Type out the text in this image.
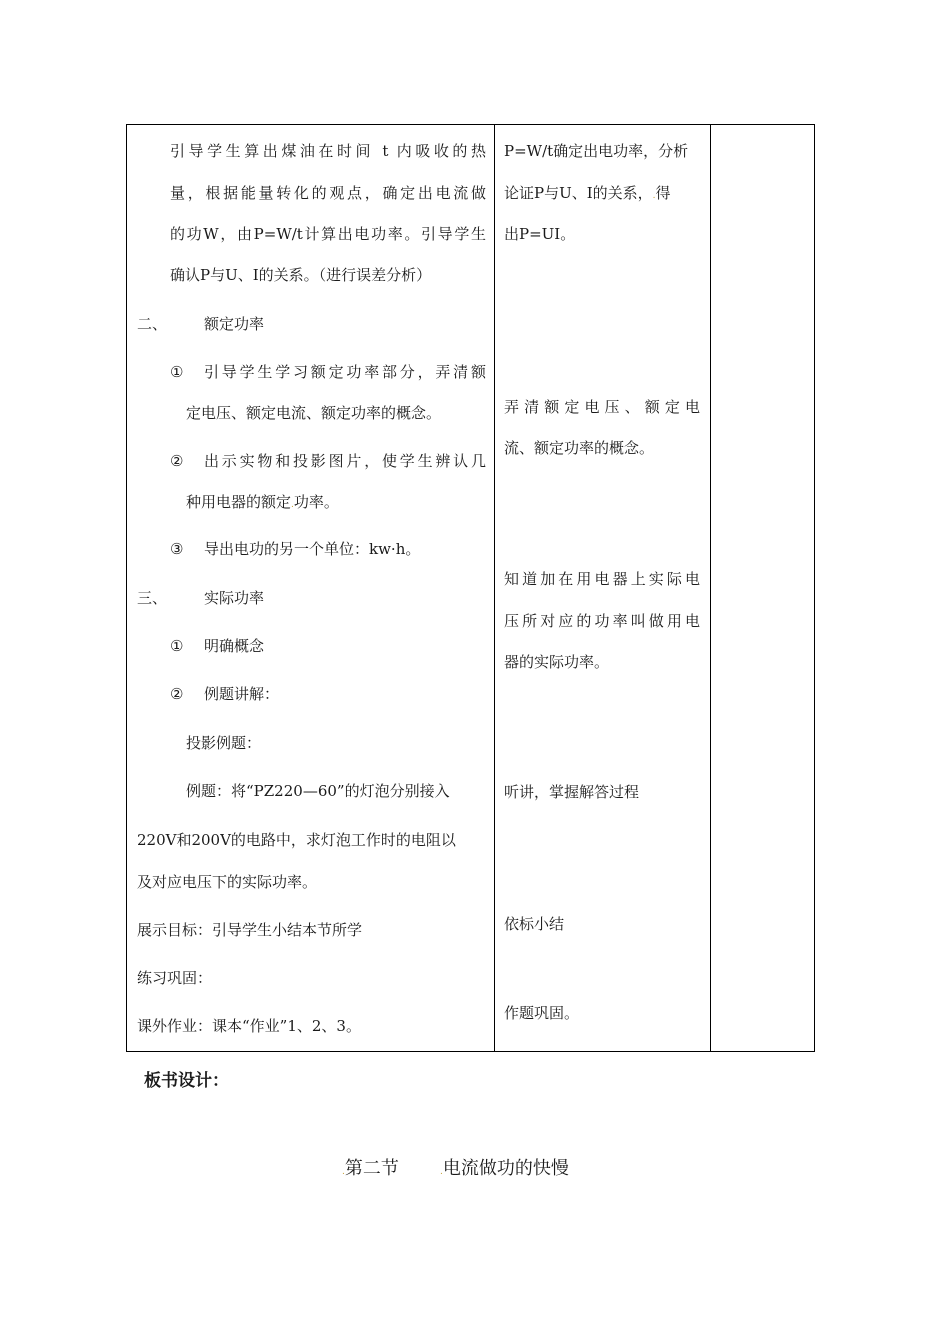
引导学生算出煤油在时间 t 内吸收的热
量，根据能量转化的观点，确定出电流做
的功W，由P=W/t计算出电功率。引导学生
确认P与U、I的关系。（进行误差分析）
二、 额定功率
① 引导学生学习额定功率部分，弄清额
定电压、额定电流、额定功率的概念。
② 出示实物和投影图片，使学生辨认几
种用电器的额定.功率。
③ 导出电功的另一个单位：kw·h。
三、 实际功率
① 明确概念
② 例题讲解：
投影例题：
例题：将“PZ220—60”的灯泡分别接入
220V和200V的电路中，求灯泡工作时的电阻以
及对应电压下的实际功率。
展示目标：引导学生小结本节所学
练习巩固：
课外作业：课本“作业”1、2、3。
P=W/t确定出电功率，分析
论证P与U、I的关系，.得
出P=UI。
弄清额定电压、额定电
流、额定功率的概念。
知道加在用电器上实际电
压所对应的功率叫做用电
器的实际功率。
听讲，掌握解答过程
依标小结
作题巩固。
板书设计：
.第二节	.电流做功的快慢
